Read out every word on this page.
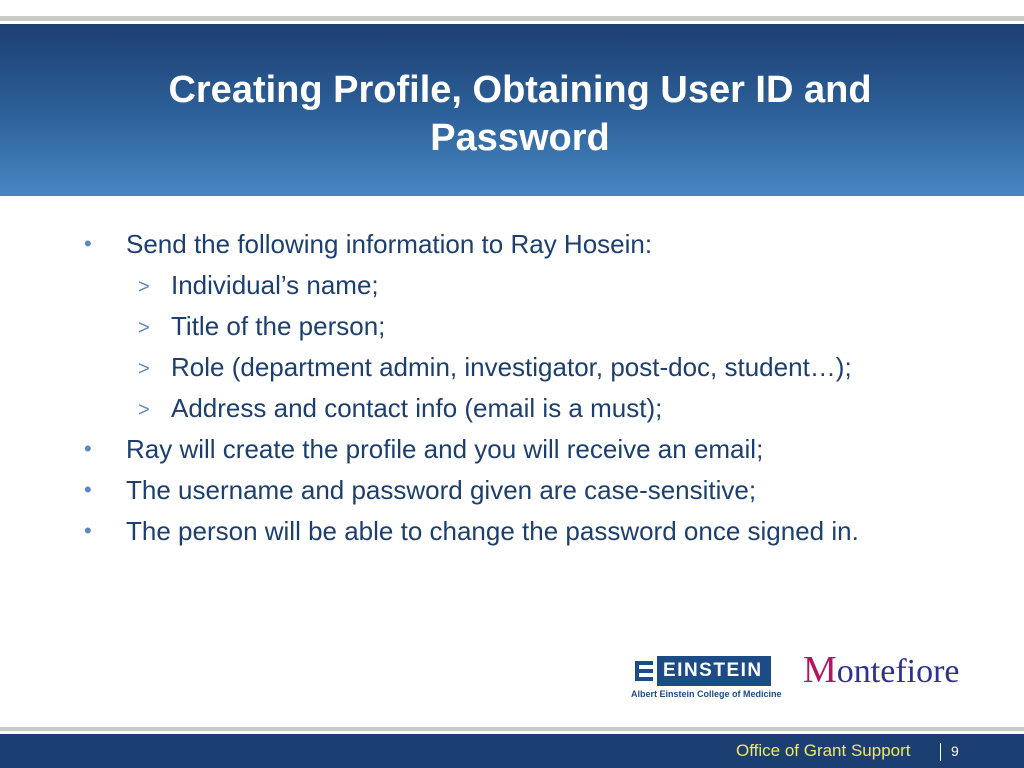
Creating Profile, Obtaining User ID and Password
• Send the following information to Ray Hosein:
> Individual’s name;
> Title of the person;
> Role (department admin, investigator, post-doc, student…);
> Address and contact info (email is a must);
• Ray will create the profile and you will receive an email;
• The username and password given are case-sensitive;
• The person will be able to change the password once signed in.
EINSTEIN
Albert Einstein College of Medicine
Montefiore
Office of Grant Support	9
